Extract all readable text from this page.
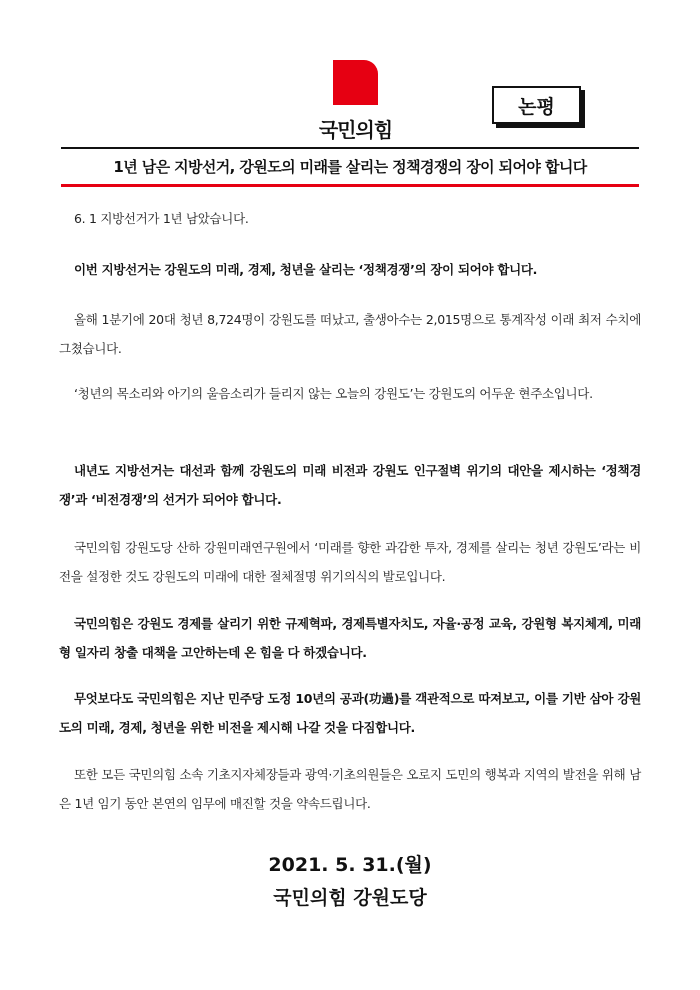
국민의힘
논평
1년 남은 지방선거, 강원도의 미래를 살리는 정책경쟁의 장이 되어야 합니다
6. 1 지방선거가 1년 남았습니다.
이번 지방선거는 강원도의 미래, 경제, 청년을 살리는 ‘정책경쟁’의 장이 되어야 합니다.
올해 1분기에 20대 청년 8,724명이 강원도를 떠났고, 출생아수는 2,015명으로 통계작성 이래 최저 수치에 그쳤습니다.
‘청년의 목소리와 아기의 울음소리가 들리지 않는 오늘의 강원도’는 강원도의 어두운 현주소입니다.
내년도 지방선거는 대선과 함께 강원도의 미래 비전과 강원도 인구절벽 위기의 대안을 제시하는 ‘정책경쟁’과 ‘비전경쟁’의 선거가 되어야 합니다.
국민의힘 강원도당 산하 강원미래연구원에서 ‘미래를 향한 과감한 투자, 경제를 살리는 청년 강원도’라는 비전을 설정한 것도 강원도의 미래에 대한 절체절명 위기의식의 발로입니다.
국민의힘은 강원도 경제를 살리기 위한 규제혁파, 경제특별자치도, 자율·공정 교육, 강원형 복지체계, 미래형 일자리 창출 대책을 고안하는데 온 힘을 다 하겠습니다.
무엇보다도 국민의힘은 지난 민주당 도정 10년의 공과(功過)를 객관적으로 따져보고, 이를 기반 삼아 강원도의 미래, 경제, 청년을 위한 비전을 제시해 나갈 것을 다짐합니다.
또한 모든 국민의힘 소속 기초지자체장들과 광역·기초의원들은 오로지 도민의 행복과 지역의 발전을 위해 남은 1년 임기 동안 본연의 임무에 매진할 것을 약속드립니다.
2021. 5. 31.(월)
국민의힘 강원도당
